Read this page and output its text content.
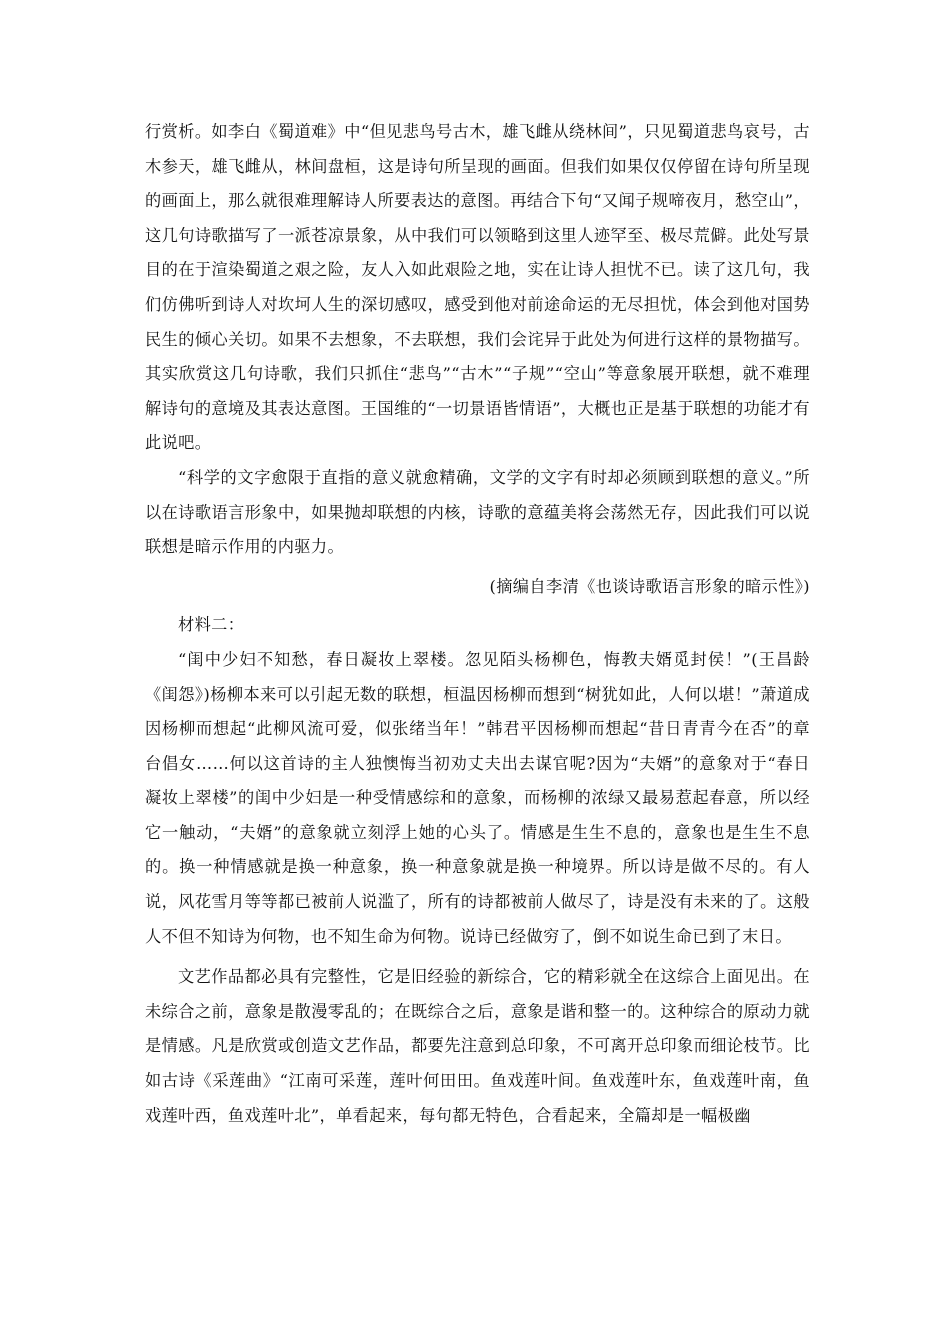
行赏析。如李白《蜀道难》中“但见悲鸟号古木，雄飞雌从绕林间”，只见蜀道悲鸟哀号，古木参天，雄飞雌从，林间盘桓，这是诗句所呈现的画面。但我们如果仅仅停留在诗句所呈现的画面上，那么就很难理解诗人所要表达的意图。再结合下句“又闻子规啼夜月，愁空山”，这几句诗歌描写了一派苍凉景象，从中我们可以领略到这里人迹罕至、极尽荒僻。此处写景目的在于渲染蜀道之艰之险，友人入如此艰险之地，实在让诗人担忧不已。读了这几句，我们仿佛听到诗人对坎坷人生的深切感叹，感受到他对前途命运的无尽担忧，体会到他对国势民生的倾心关切。如果不去想象，不去联想，我们会诧异于此处为何进行这样的景物描写。其实欣赏这几句诗歌，我们只抓住“悲鸟”“古木”“子规”“空山”等意象展开联想，就不难理解诗句的意境及其表达意图。王国维的“一切景语皆情语”，大概也正是基于联想的功能才有此说吧。

“科学的文字愈限于直指的意义就愈精确，文学的文字有时却必须顾到联想的意义。”所以在诗歌语言形象中，如果抛却联想的内核，诗歌的意蕴美将会荡然无存，因此我们可以说联想是暗示作用的内驱力。

(摘编自李清《也谈诗歌语言形象的暗示性》)

材料二：

“闺中少妇不知愁，春日凝妆上翠楼。忽见陌头杨柳色，悔教夫婿觅封侯！”(王昌龄《闺怨》)杨柳本来可以引起无数的联想，桓温因杨柳而想到“树犹如此，人何以堪！”萧道成因杨柳而想起“此柳风流可爱，似张绪当年！”韩君平因杨柳而想起“昔日青青今在否”的章台倡女……何以这首诗的主人独懊悔当初劝丈夫出去谋官呢?因为“夫婿”的意象对于“春日凝妆上翠楼”的闺中少妇是一种受情感综和的意象，而杨柳的浓绿又最易惹起春意，所以经它一触动，“夫婿”的意象就立刻浮上她的心头了。情感是生生不息的，意象也是生生不息的。换一种情感就是换一种意象，换一种意象就是换一种境界。所以诗是做不尽的。有人说，风花雪月等等都已被前人说滥了，所有的诗都被前人做尽了，诗是没有未来的了。这般人不但不知诗为何物，也不知生命为何物。说诗已经做穷了，倒不如说生命已到了末日。

文艺作品都必具有完整性，它是旧经验的新综合，它的精彩就全在这综合上面见出。在未综合之前，意象是散漫零乱的；在既综合之后，意象是谐和整一的。这种综合的原动力就是情感。凡是欣赏或创造文艺作品，都要先注意到总印象，不可离开总印象而细论枝节。比如古诗《采莲曲》“江南可采莲，莲叶何田田。鱼戏莲叶间。鱼戏莲叶东，鱼戏莲叶南，鱼戏莲叶西，鱼戏莲叶北”，单看起来，每句都无特色，合看起来，全篇却是一幅极幽
